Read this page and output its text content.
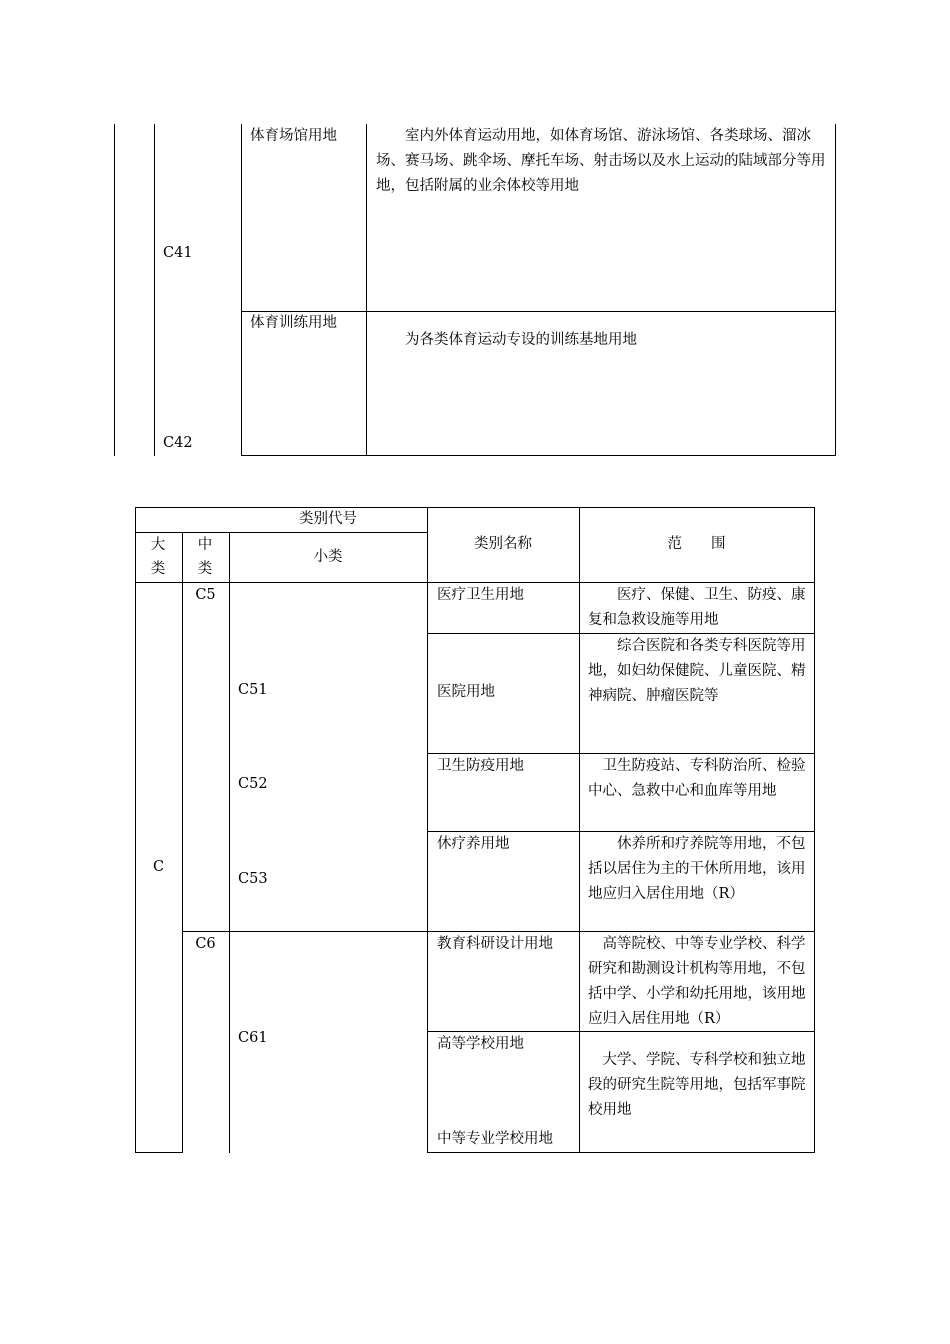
C41
C42
体育场馆用地	　　室内外体育运动用地，如体育场馆、游泳场馆、各类球场、溜冰场、赛马场、跳伞场、摩托车场、射击场以及水上运动的陆域部分等用地，包括附属的业余体校等用地
体育训练用地
　　为各类体育运动专设的训练基地用地
类别代号
大类
中类
小类
类别名称	范　　围
C
C5
C6
C51
C52
C53
C61
医疗卫生用地
医院用地
卫生防疫用地
休疗养用地
教育科研设计用地
高等学校用地
中等专业学校用地
　　医疗、保健、卫生、防疫、康复和急救设施等用地
　　综合医院和各类专科医院等用地，如妇幼保健院、儿童医院、精神病院、肿瘤医院等
　卫生防疫站、专科防治所、检验中心、急救中心和血库等用地
　　休养所和疗养院等用地，不包括以居住为主的干休所用地，该用地应归入居住用地（R）
　高等院校、中等专业学校、科学研究和勘测设计机构等用地，不包括中学、小学和幼托用地，该用地应归入居住用地（R）
　大学、学院、专科学校和独立地段的研究生院等用地，包括军事院校用地
